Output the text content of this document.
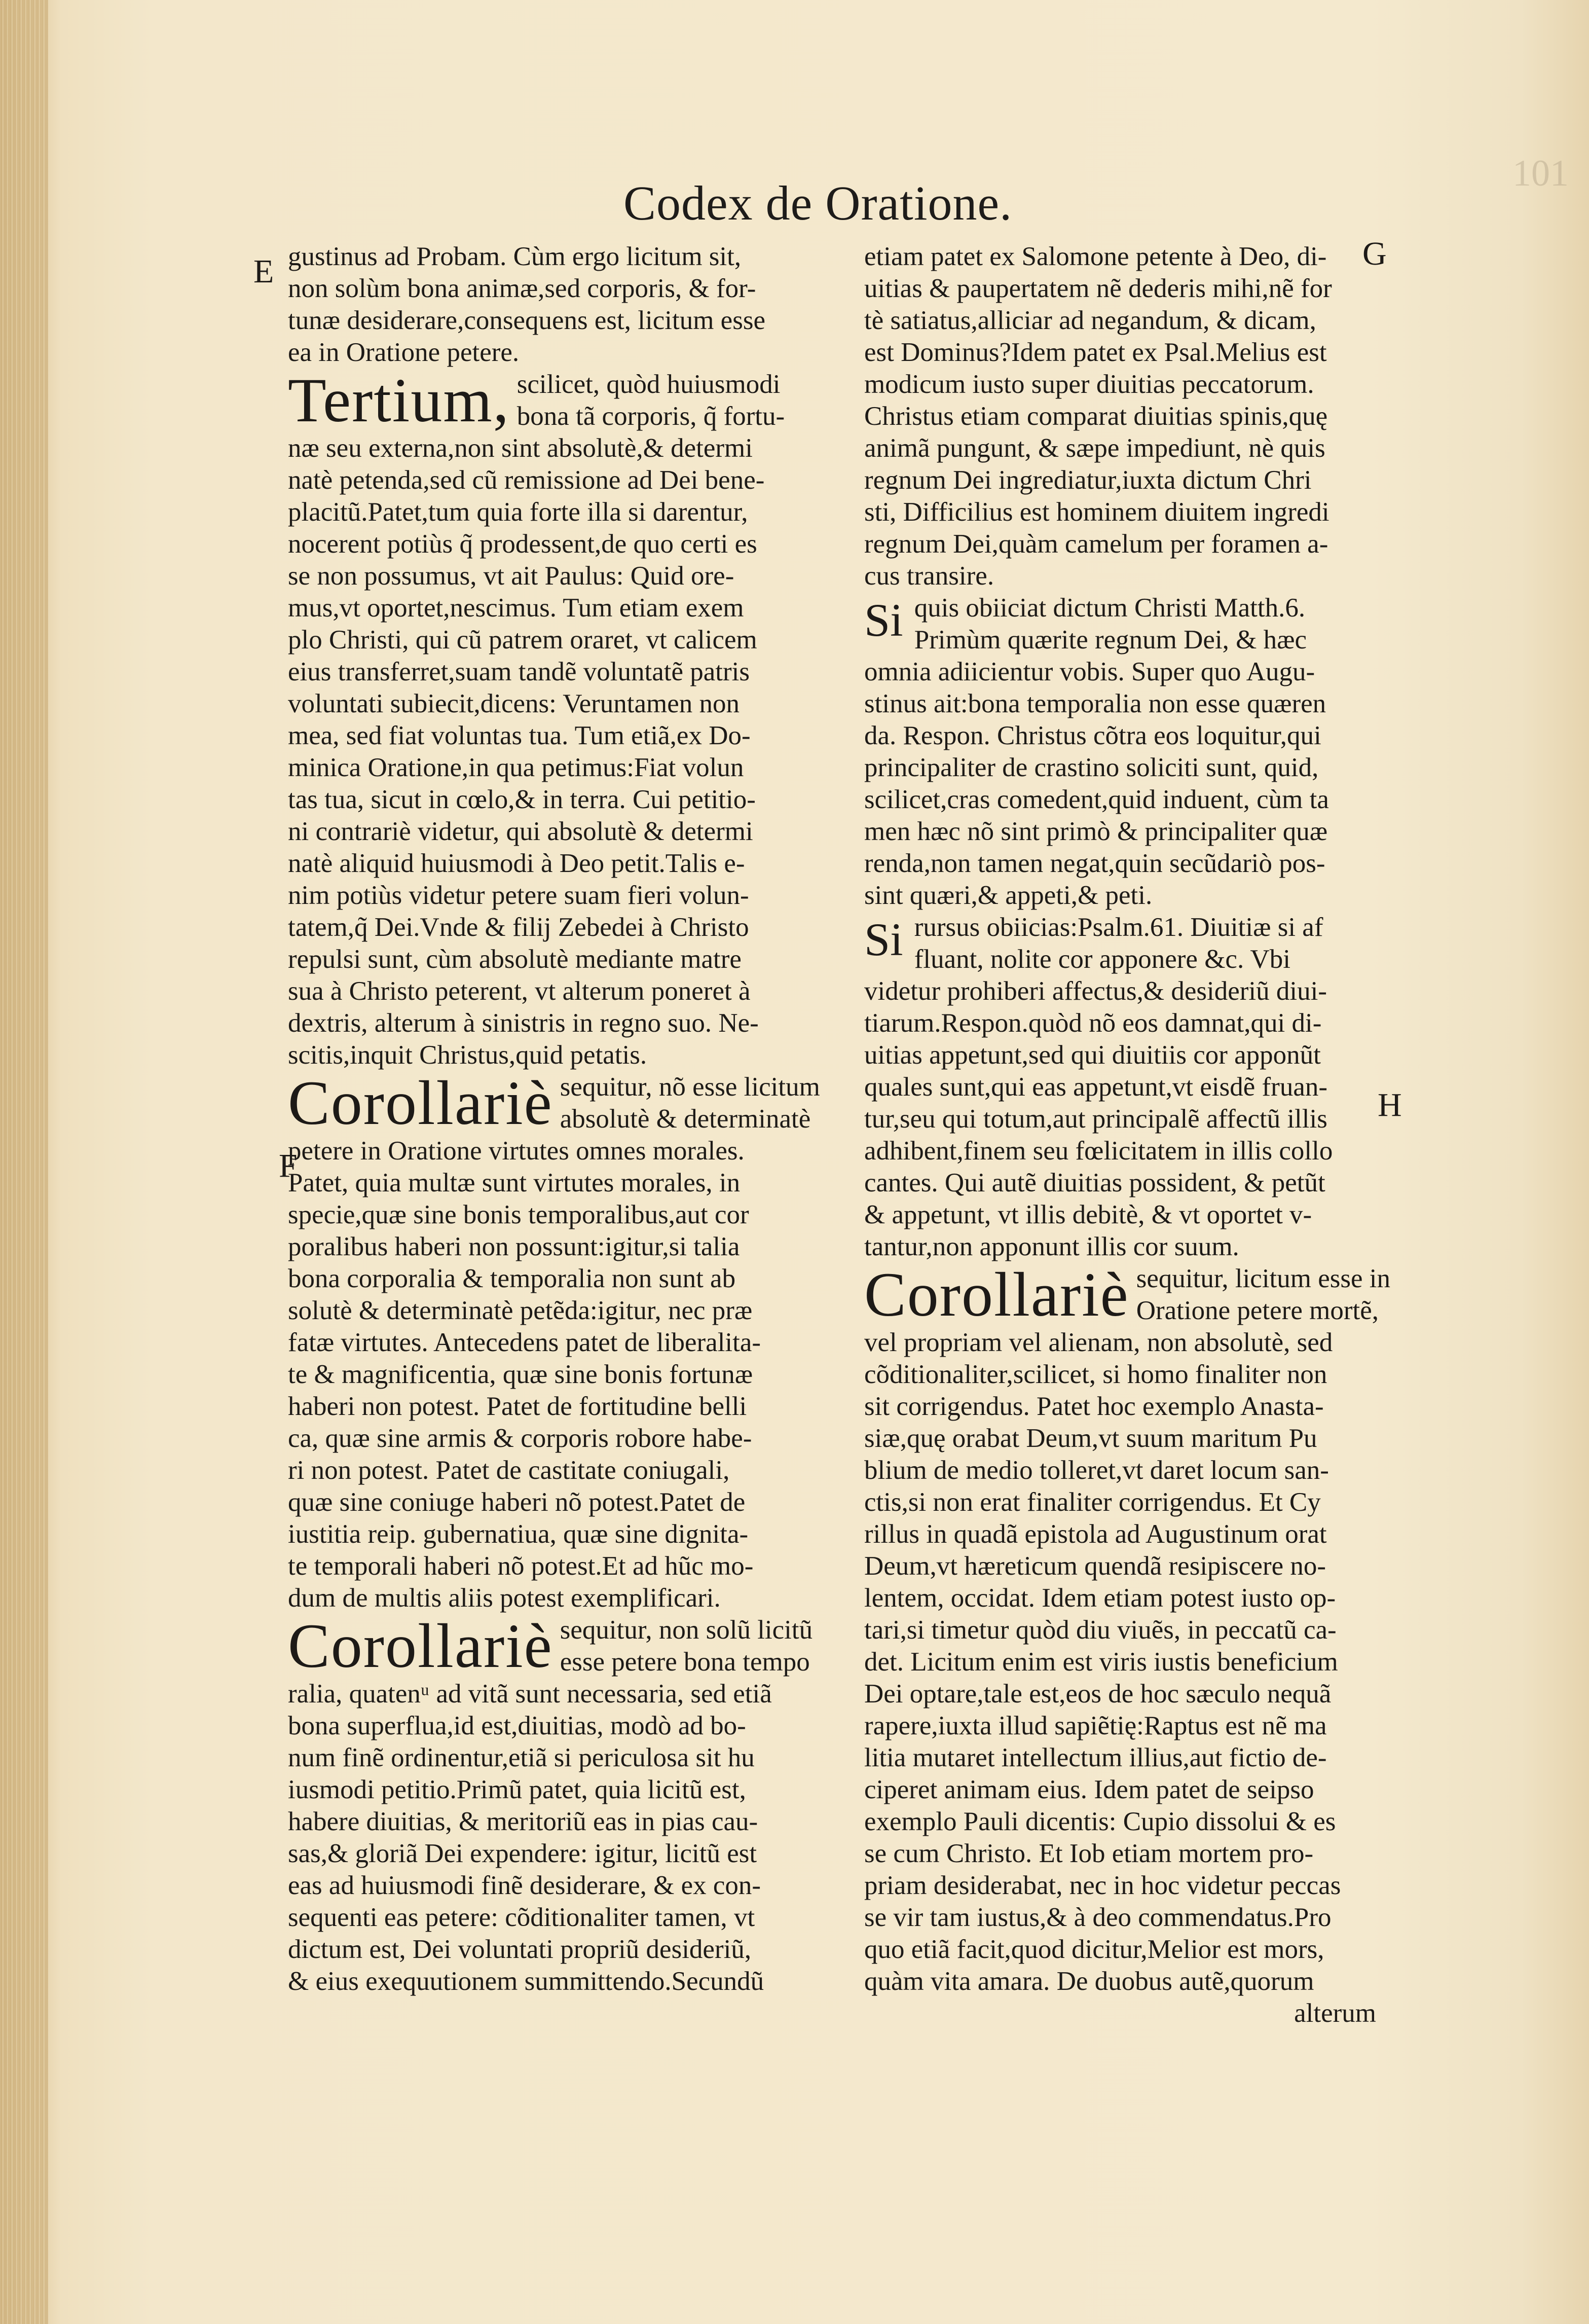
101
Codex de Oratione.
E
F
G
H
gustinus ad Probam. Cùm ergo licitum sit,
non solùm bona animæ,sed corporis, & for-
tunæ desiderare,consequens est, licitum esse
ea in Oratione petere.
Tertium, scilicet, quòd huiusmodi
bona tã corporis, q̃ fortu-
næ seu externa,non sint absolutè,& determi
natè petenda,sed cũ remissione ad Dei bene-
placitũ.Patet,tum quia forte illa si darentur,
nocerent potiùs q̃ prodessent,de quo certi es
se non possumus, vt ait Paulus: Quid ore-
mus,vt oportet,nescimus. Tum etiam exem
plo Christi, qui cũ patrem oraret, vt calicem
eius transferret,suam tandẽ voluntatẽ patris
voluntati subiecit,dicens: Veruntamen non
mea, sed fiat voluntas tua. Tum etiã,ex Do-
minica Oratione,in qua petimus:Fiat volun
tas tua, sicut in cœlo,& in terra. Cui petitio-
ni contrariè videtur, qui absolutè & determi
natè aliquid huiusmodi à Deo petit.Talis e-
nim potiùs videtur petere suam fieri volun-
tatem,q̃ Dei.Vnde & filij Zebedei à Christo
repulsi sunt, cùm absolutè mediante matre
sua à Christo peterent, vt alterum poneret à
dextris, alterum à sinistris in regno suo. Ne-
scitis,inquit Christus,quid petatis.
Corollariè sequitur, nõ esse licitum
absolutè & determinatè
petere in Oratione virtutes omnes morales.
Patet, quia multæ sunt virtutes morales, in
specie,quæ sine bonis temporalibus,aut cor
poralibus haberi non possunt:igitur,si talia
bona corporalia & temporalia non sunt ab
solutè & determinatè petẽda:igitur, nec præ
fatæ virtutes. Antecedens patet de liberalita-
te & magnificentia, quæ sine bonis fortunæ
haberi non potest. Patet de fortitudine belli
ca, quæ sine armis & corporis robore habe-
ri non potest. Patet de castitate coniugali,
quæ sine coniuge haberi nõ potest.Patet de
iustitia reip. gubernatiua, quæ sine dignita-
te temporali haberi nõ potest.Et ad hũc mo-
dum de multis aliis potest exemplificari.
Corollariè sequitur, non solũ licitũ
esse petere bona tempo
ralia, quatenᵘ ad vitã sunt necessaria, sed etiã
bona superflua,id est,diuitias, modò ad bo-
num finẽ ordinentur,etiã si periculosa sit hu
iusmodi petitio.Primũ patet, quia licitũ est,
habere diuitias, & meritoriũ eas in pias cau-
sas,& gloriã Dei expendere: igitur, licitũ est
eas ad huiusmodi finẽ desiderare, & ex con-
sequenti eas petere: cõditionaliter tamen, vt
dictum est, Dei voluntati propriũ desideriũ,
& eius exequutionem summittendo.Secundũ
etiam patet ex Salomone petente à Deo, di-
uitias & paupertatem nẽ dederis mihi,nẽ for
tè satiatus,alliciar ad negandum, & dicam,
est Dominus?Idem patet ex Psal.Melius est
modicum iusto super diuitias peccatorum.
Christus etiam comparat diuitias spinis,quę
animã pungunt, & sæpe impediunt, nè quis
regnum Dei ingrediatur,iuxta dictum Chri
sti, Difficilius est hominem diuitem ingredi
regnum Dei,quàm camelum per foramen a-
cus transire.
Si quis obiiciat dictum Christi Matth.6.
Primùm quærite regnum Dei, & hæc
omnia adiicientur vobis. Super quo Augu-
stinus ait:bona temporalia non esse quæren
da. Respon. Christus cõtra eos loquitur,qui
principaliter de crastino soliciti sunt, quid,
scilicet,cras comedent,quid induent, cùm ta
men hæc nõ sint primò & principaliter quæ
renda,non tamen negat,quin secũdariò pos-
sint quæri,& appeti,& peti.
Si rursus obiicias:Psalm.61. Diuitiæ si af
fluant, nolite cor apponere &c. Vbi
videtur prohiberi affectus,& desideriũ diui-
tiarum.Respon.quòd nõ eos damnat,qui di-
uitias appetunt,sed qui diuitiis cor apponũt
quales sunt,qui eas appetunt,vt eisdẽ fruan-
tur,seu qui totum,aut principalẽ affectũ illis
adhibent,finem seu fœlicitatem in illis collo
cantes. Qui autẽ diuitias possident, & petũt
& appetunt, vt illis debitè, & vt oportet v-
tantur,non apponunt illis cor suum.
Corollariè sequitur, licitum esse in
Oratione petere mortẽ,
vel propriam vel alienam, non absolutè, sed
cõditionaliter,scilicet, si homo finaliter non
sit corrigendus. Patet hoc exemplo Anasta-
siæ,quę orabat Deum,vt suum maritum Pu
blium de medio tolleret,vt daret locum san-
ctis,si non erat finaliter corrigendus. Et Cy
rillus in quadã epistola ad Augustinum orat
Deum,vt hæreticum quendã resipiscere no-
lentem, occidat. Idem etiam potest iusto op-
tari,si timetur quòd diu viuẽs, in peccatũ ca-
det. Licitum enim est viris iustis beneficium
Dei optare,tale est,eos de hoc sæculo nequã
rapere,iuxta illud sapiẽtię:Raptus est nẽ ma
litia mutaret intellectum illius,aut fictio de-
ciperet animam eius. Idem patet de seipso
exemplo Pauli dicentis: Cupio dissolui & es
se cum Christo. Et Iob etiam mortem pro-
priam desiderabat, nec in hoc videtur peccas
se vir tam iustus,& à deo commendatus.Pro
quo etiã facit,quod dicitur,Melior est mors,
quàm vita amara. De duobus autẽ,quorum
alterum
